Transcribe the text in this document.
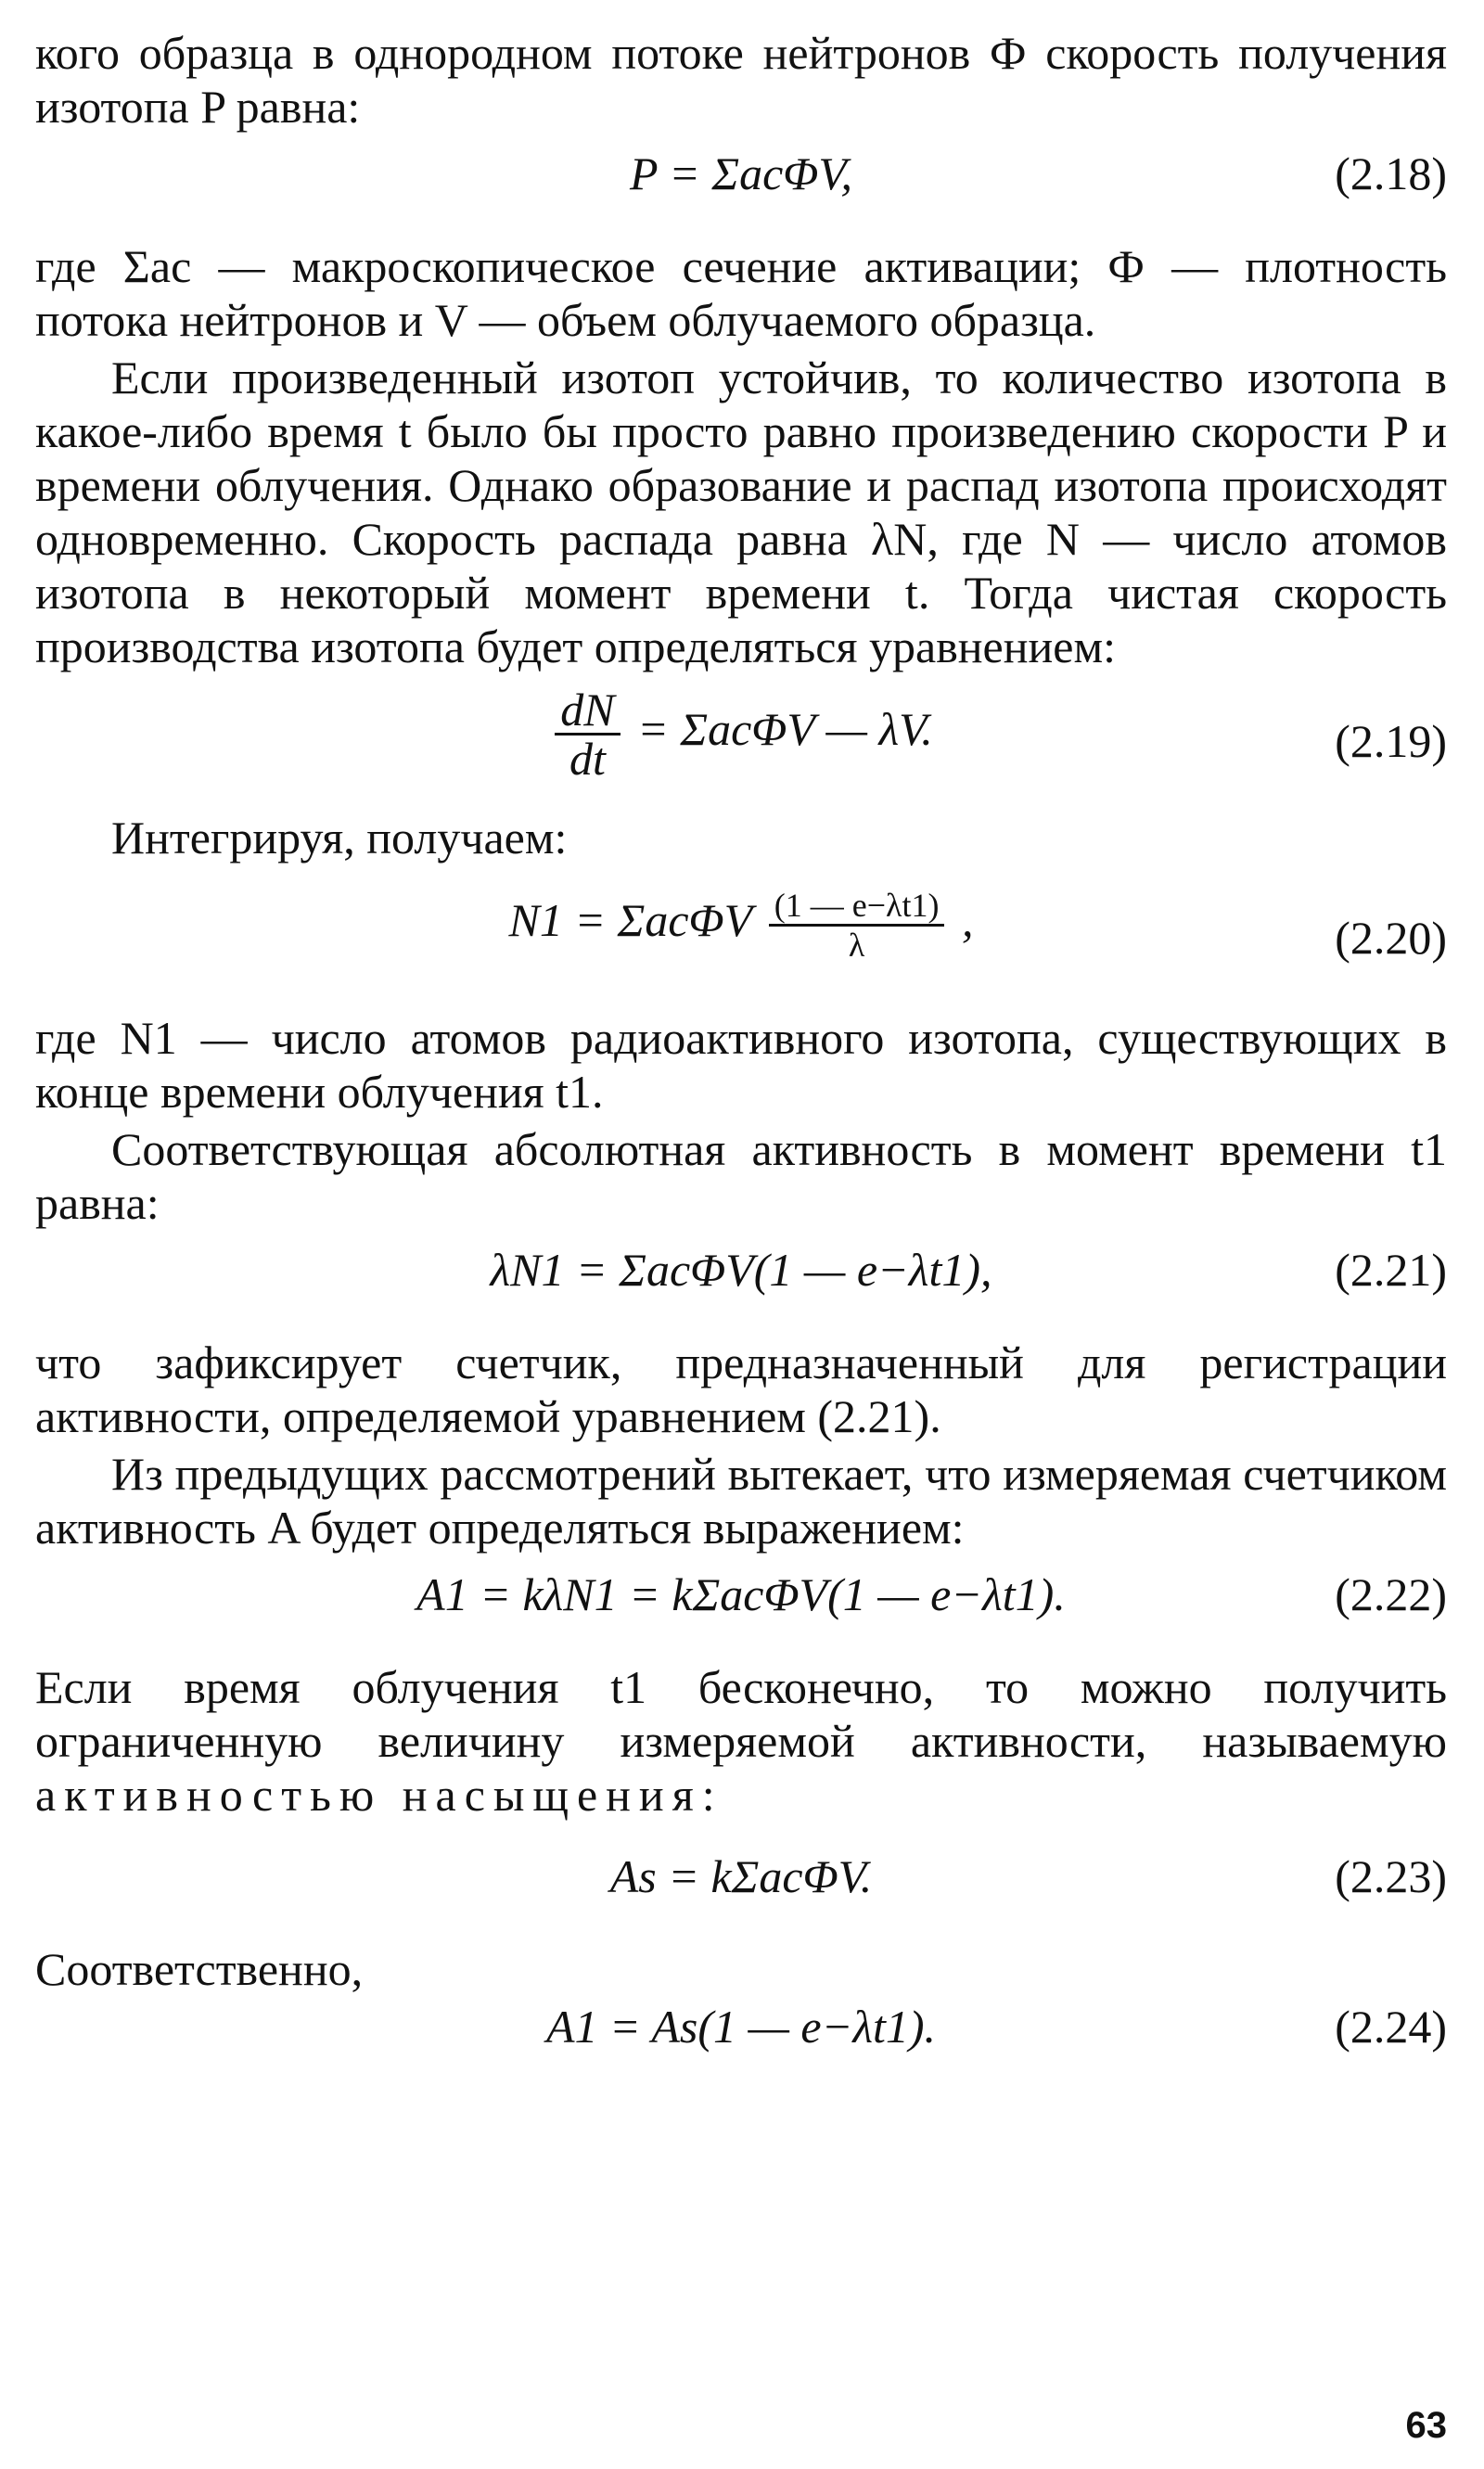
кого образца в однородном потоке нейтронов Ф скорость получения изотопа P равна:

P = ΣacΦV,	(2.18)

где Σac — макроскопическое сечение активации; Ф — плотность потока нейтронов и V — объем облучаемого образца.

Если произведенный изотоп устойчив, то количество изотопа в какое-либо время t было бы просто равно произведению скорости P и времени облучения. Однако образование и распад изотопа происходят одновременно. Скорость распада равна λN, где N — число атомов изотопа в некоторый момент времени t. Тогда чистая скорость производства изотопа будет определяться уравнением:

$\frac{dN}{dt} = \Sigma ac\Phi V$ — λV.	(2.19)

Интегрируя, получаем:

N1 = ΣacΦV $\frac{(1 — e-\lambda t1)}{\lambda}$ ,	(2.20)

где N1 — число атомов радиоактивного изотопа, существующих в конце времени облучения t1.

Соответствующая абсолютная активность в момент времени t1 равна:

λN1 = ΣacΦV(1 — e−λt1),	(2.21)

что зафиксирует счетчик, предназначенный для регистрации активности, определяемой уравнением (2.21).

Из предыдущих рассмотрений вытекает, что измеряемая счетчиком активность A будет определяться выражением:

A1 = kλN1 = kΣacΦV(1 — e−λt1).	(2.22)

Если время облучения t1 бесконечно, то можно получить ограниченную величину измеряемой активности, называемую активностью насыщения:

As = kΣacΦV.	(2.23)

Соответственно,

A1 = As(1 — e−λt1).	(2.24)
63
